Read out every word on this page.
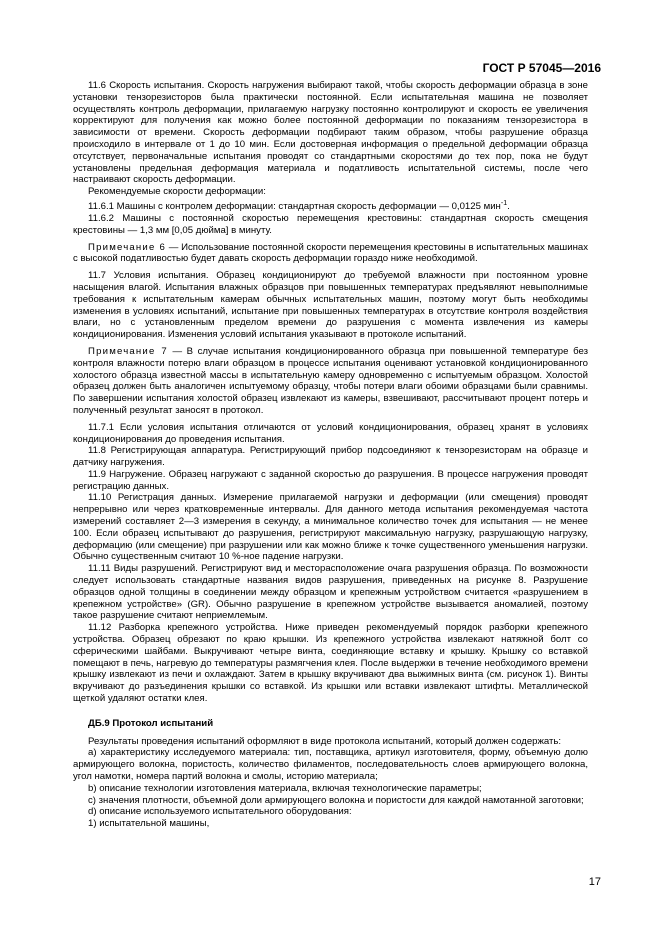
ГОСТ Р 57045—2016

11.6 Скорость испытания. Скорость нагружения выбирают такой, чтобы скорость деформации образца в зоне установки тензорезисторов была практически постоянной. Если испытательная машина не позволяет осуществлять контроль деформации, прилагаемую нагрузку постоянно контролируют и скорость ее увеличения корректируют для получения как можно более постоянной деформации по показаниям тензорезистора в зависимости от времени. Скорость деформации подбирают таким образом, чтобы разрушение образца происходило в интервале от 1 до 10 мин. Если достоверная информация о предельной деформации образца отсутствует, первоначальные испытания проводят со стандартными скоростями до тех пор, пока не будут установлены предельная деформация материала и податливость испытательной системы, после чего настраивают скорость деформации.

Рекомендуемые скорости деформации:

11.6.1 Машины с контролем деформации: стандартная скорость деформации — 0,0125 мин$^{-1}$.

11.6.2 Машины с постоянной скоростью перемещения крестовины: стандартная скорость смещения крестовины — 1,3 мм [0,05 дюйма] в минуту.

Примечание 6 — Использование постоянной скорости перемещения крестовины в испытательных машинах с высокой податливостью будет давать скорость деформации гораздо ниже необходимой.

11.7 Условия испытания. Образец кондиционируют до требуемой влажности при постоянном уровне насыщения влагой. Испытания влажных образцов при повышенных температурах предъявляют невыполнимые требования к испытательным камерам обычных испытательных машин, поэтому могут быть необходимы изменения в условиях испытаний, испытание при повышенных температурах в отсутствие контроля воздействия влаги, но с установленным пределом времени до разрушения с момента извлечения из камеры кондиционирования. Изменения условий испытания указывают в протоколе испытаний.

Примечание 7 — В случае испытания кондиционированного образца при повышенной температуре без контроля влажности потерю влаги образцом в процессе испытания оценивают установкой кондиционированного холостого образца известной массы в испытательную камеру одновременно с испытуемым образцом. Холостой образец должен быть аналогичен испытуемому образцу, чтобы потери влаги обоими образцами были сравнимы. По завершении испытания холостой образец извлекают из камеры, взвешивают, рассчитывают процент потерь и полученный результат заносят в протокол.

11.7.1 Если условия испытания отличаются от условий кондиционирования, образец хранят в условиях кондиционирования до проведения испытания.

11.8 Регистрирующая аппаратура. Регистрирующий прибор подсоединяют к тензорезисторам на образце и датчику нагружения.

11.9 Нагружение. Образец нагружают с заданной скоростью до разрушения. В процессе нагружения проводят регистрацию данных.

11.10 Регистрация данных. Измерение прилагаемой нагрузки и деформации (или смещения) проводят непрерывно или через кратковременные интервалы. Для данного метода испытания рекомендуемая частота измерений составляет 2—3 измерения в секунду, а минимальное количество точек для испытания — не менее 100. Если образец испытывают до разрушения, регистрируют максимальную нагрузку, разрушающую нагрузку, деформацию (или смещение) при разрушении или как можно ближе к точке существенного уменьшения нагрузки. Обычно существенным считают 10 %-ное падение нагрузки.

11.11 Виды разрушений. Регистрируют вид и месторасположение очага разрушения образца. По возможности следует использовать стандартные названия видов разрушения, приведенных на рисунке 8. Разрушение образцов одной толщины в соединении между образцом и крепежным устройством считается «разрушением в крепежном устройстве» (GR). Обычно разрушение в крепежном устройстве вызывается аномалией, поэтому такое разрушение считают неприемлемым.

11.12 Разборка крепежного устройства. Ниже приведен рекомендуемый порядок разборки крепежного устройства. Образец обрезают по краю крышки. Из крепежного устройства извлекают натяжной болт со сферическими шайбами. Выкручивают четыре винта, соединяющие вставку и крышку. Крышку со вставкой помещают в печь, нагревую до температуры размягчения клея. После выдержки в течение необходимого времени крышку извлекают из печи и охлаждают. Затем в крышку вкручивают два выжимных винта (см. рисунок 1). Винты вкручивают до разъединения крышки со вставкой. Из крышки или вставки извлекают штифты. Металлической щеткой удаляют остатки клея.

ДБ.9 Протокол испытаний

Результаты проведения испытаний оформляют в виде протокола испытаний, который должен содержать:

а) характеристику исследуемого материала: тип, поставщика, артикул изготовителя, форму, объемную долю армирующего волокна, пористость, количество филаментов, последовательность слоев армирующего волокна, угол намотки, номера партий волокна и смолы, историю материала;

b) описание технологии изготовления материала, включая технологические параметры;

c) значения плотности, объемной доли армирующего волокна и пористости для каждой намотанной заготовки;

d) описание используемого испытательного оборудования:

1) испытательной машины,

17
